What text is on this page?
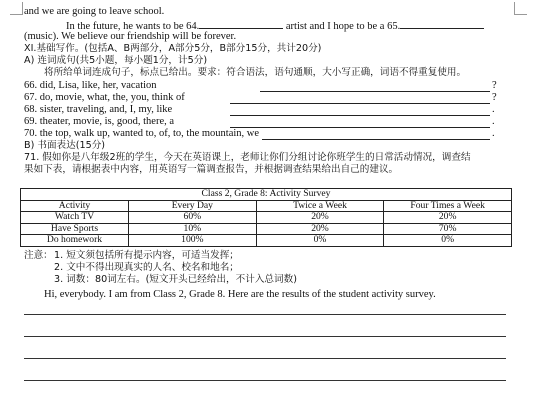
and we are going to leave school.
In the future, he wants to be 64.	artist and I hope to be a 65.
(music). We believe our friendship will be forever.
XI.基础写作。(包括A、B两部分，A部分5分，B部分15分，共计20分)
A) 连词成句(共5小题，每小题1分，计5分)
将所给单词连成句子，标点已给出。要求：符合语法，语句通顺，大小写正确，词语不得重复使用。
66. did, Lisa, like, her, vacation	?
67. do, movie, what, the, you, think of	?
68. sister, traveling, and, I, my, like	.
69. theater, movie, is, good, there, a	.
70. the top, walk up, wanted to, of, to, the mountain, we	.
B) 书面表达(15分)
71. 假如你是八年级2班的学生，今天在英语课上，老师让你们分组讨论你班学生的日常活动情况，调查结
果如下表，请根据表中内容，用英语写一篇调查报告，并根据调查结果给出自己的建议。
Class 2, Grade 8: Activity Survey			
Activity	Every Day	Twice a Week	Four Times a Week
Watch TV	60%	20%	20%
Have Sports	10%	20%	70%
Do homework	100%	0%	0%
注意： 1. 短文须包括所有提示内容，可适当发挥；
2. 文中不得出现真实的人名、校名和地名；
3. 词数：80词左右。(短文开头已经给出，不计入总词数)
Hi, everybody. I am from Class 2, Grade 8. Here are the results of the student activity survey.
